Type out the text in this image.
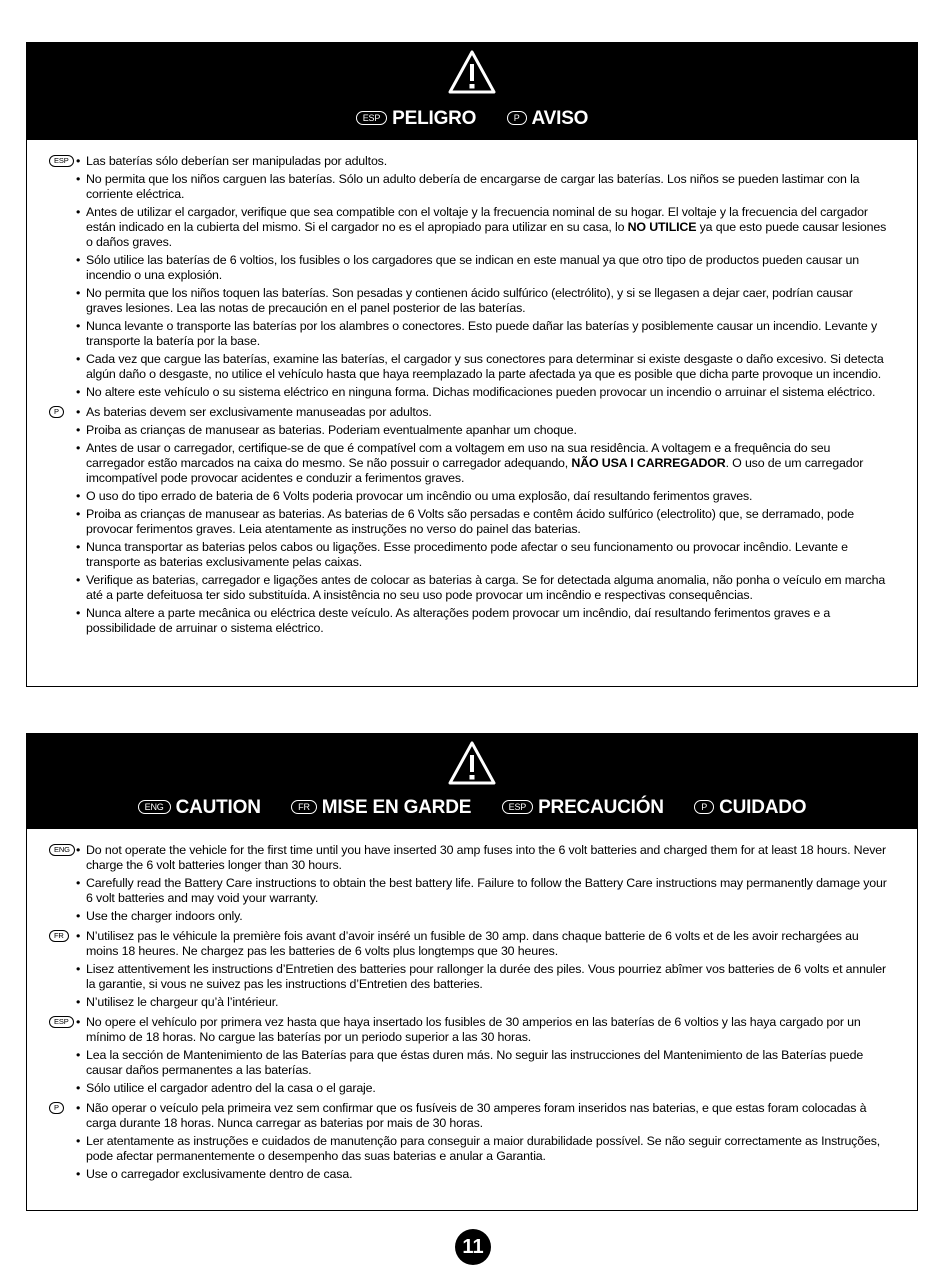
ESP PELIGRO	P AVISO
ESP	• Las baterías sólo deberían ser manipuladas por adultos.
• No permita que los niños carguen las baterías. Sólo un adulto debería de encargarse de cargar las baterías. Los niños se pueden lastimar con la corriente eléctrica.
• Antes de utilizar el cargador, verifique que sea compatible con el voltaje y la frecuencia nominal de su hogar. El voltaje y la frecuencia del cargador están indicado en la cubierta del mismo. Si el cargador no es el apropiado para utilizar en su casa, lo NO UTILICE ya que esto puede causar lesiones o daños graves.
• Sólo utilice las baterías de 6 voltios, los fusibles o los cargadores que se indican en este manual ya que otro tipo de productos pueden causar un incendio o una explosión.
• No permita que los niños toquen las baterías. Son pesadas y contienen ácido sulfúrico (electrólito), y si se llegasen a dejar caer, podrían causar graves lesiones. Lea las notas de precaución en el panel posterior de las baterías.
• Nunca levante o transporte las baterías por los alambres o conectores. Esto puede dañar las baterías y posiblemente causar un incendio. Levante y transporte la batería por la base.
• Cada vez que cargue las baterías, examine las baterías, el cargador y sus conectores para determinar si existe desgaste o daño excesivo. Si detecta algún daño o desgaste, no utilice el vehículo hasta que haya reemplazado la parte afectada ya que es posible que dicha parte provoque un incendio.
• No altere este vehículo o su sistema eléctrico en ninguna forma. Dichas modificaciones pueden provocar un incendio o arruinar el sistema eléctrico.
P	• As baterias devem ser exclusivamente manuseadas por adultos.
• Proiba as crianças de manusear as baterias. Poderiam eventualmente apanhar um choque.
• Antes de usar o carregador, certifique-se de que é compatível com a voltagem em uso na sua residência. A voltagem e a frequência do seu carregador estão marcados na caixa do mesmo. Se não possuir o carregador adequando, NÃO USA I CARREGADOR. O uso de um carregador imcompatível pode provocar acidentes e conduzir a ferimentos graves.
• O uso do tipo errado de bateria de 6 Volts poderia provocar um incêndio ou uma explosão, daí resultando ferimentos graves.
• Proiba as crianças de manusear as baterias. As baterias de 6 Volts são persadas e contêm ácido sulfúrico (electrolito) que, se derramado, pode provocar ferimentos graves. Leia atentamente as instruções no verso do painel das baterias.
• Nunca transportar as baterias pelos cabos ou ligações. Esse procedimento pode afectar o seu funcionamento ou provocar incêndio. Levante e transporte as baterias exclusivamente pelas caixas.
• Verifique as baterias, carregador e ligações antes de colocar as baterias à carga. Se for detectada alguma anomalia, não ponha o veículo em marcha até a parte defeituosa ter sido substituída. A insistência no seu uso pode provocar um incêndio e respectivas consequências.
• Nunca altere a parte mecânica ou eléctrica deste veículo. As alterações podem provocar um incêndio, daí resultando ferimentos graves e a possibilidade de arruinar o sistema eléctrico.
ENG CAUTION	FR MISE EN GARDE	ESP PRECAUCIÓN	P CUIDADO
ENG	• Do not operate the vehicle for the first time until you have inserted 30 amp fuses into the 6 volt batteries and charged them for at least 18 hours. Never charge the 6 volt batteries longer than 30 hours.
• Carefully read the Battery Care instructions to obtain the best battery life. Failure to follow the Battery Care instructions may permanently damage your 6 volt batteries and may void your warranty.
• Use the charger indoors only.
FR	• N’utilisez pas le véhicule la première fois avant d’avoir inséré un fusible de 30 amp. dans chaque batterie de 6 volts et de les avoir rechargées au moins 18 heures. Ne chargez pas les batteries de 6 volts plus longtemps que 30 heures.
• Lisez attentivement les instructions d’Entretien des batteries pour rallonger la durée des piles. Vous pourriez abîmer vos batteries de 6 volts et annuler la garantie, si vous ne suivez pas les instructions d’Entretien des batteries.
• N’utilisez le chargeur qu’à l’intérieur.
ESP	• No opere el vehículo por primera vez hasta que haya insertado los fusibles de 30 amperios en las baterías de 6 voltios y las haya cargado por un mínimo de 18 horas. No cargue las baterías por un periodo superior a las 30 horas.
• Lea la sección de Mantenimiento de las Baterías para que éstas duren más. No seguir las instrucciones del Mantenimiento de las Baterías puede causar daños permanentes a las baterías.
• Sólo utilice el cargador adentro del la casa o el garaje.
P	• Não operar o veículo pela primeira vez sem confirmar que os fusíveis de 30 amperes foram inseridos nas baterias, e que estas foram colocadas à carga durante 18 horas. Nunca carregar as baterias por mais de 30 horas.
• Ler atentamente as instruções e cuidados de manutenção para conseguir a maior durabilidade possível. Se não seguir correctamente as Instruções, pode afectar permanentemente o desempenho das suas baterias e anular a Garantia.
• Use o carregador exclusivamente dentro de casa.
11
